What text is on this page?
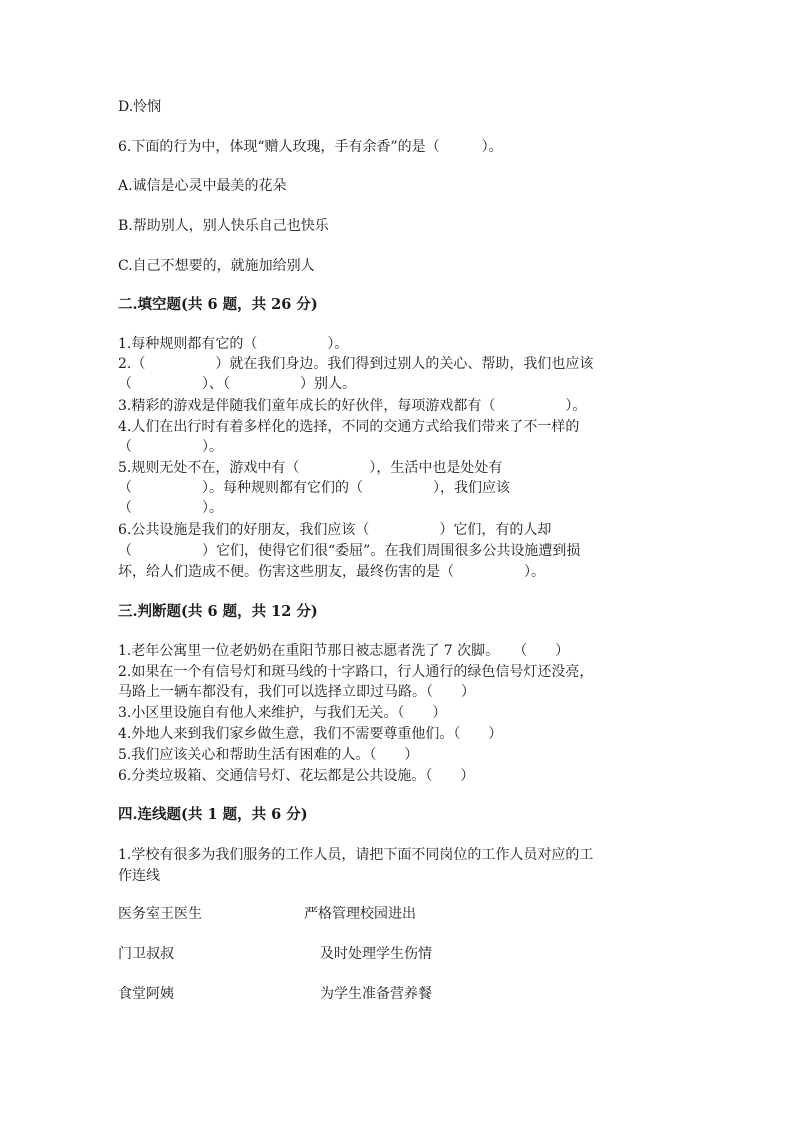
D.怜悯

6.下面的行为中，体现“赠人玫瑰，手有余香”的是（　　　）。

A.诚信是心灵中最美的花朵

B.帮助别人，别人快乐自己也快乐

C.自己不想要的，就施加给别人

二.填空题(共 6 题，共 26 分)

1.每种规则都有它的（　　　　　）。

2.（　　　　　）就在我们身边。我们得到过别人的关心、帮助，我们也应该

（　　　　　）、（　　　　　）别人。

3.精彩的游戏是伴随我们童年成长的好伙伴，每项游戏都有（　　　　　）。

4.人们在出行时有着多样化的选择，不同的交通方式给我们带来了不一样的

（　　　　　）。

5.规则无处不在，游戏中有（　　　　　），生活中也是处处有

（　　　　　）。每种规则都有它们的（　　　　　），我们应该

（　　　　　）。

6.公共设施是我们的好朋友，我们应该（　　　　　）它们，有的人却

（　　　　　）它们，使得它们很“委屈”。在我们周围很多公共设施遭到损

坏，给人们造成不便。伤害这些朋友，最终伤害的是（　　　　　）。

三.判断题(共 6 题，共 12 分)

1.老年公寓里一位老奶奶在重阳节那日被志愿者洗了 7 次脚。　　（　　）

2.如果在一个有信号灯和斑马线的十字路口，行人通行的绿色信号灯还没亮，

马路上一辆车都没有，我们可以选择立即过马路。（　　）

3.小区里设施自有他人来维护，与我们无关。（　　）

4.外地人来到我们家乡做生意，我们不需要尊重他们。（　　）

5.我们应该关心和帮助生活有困难的人。（　　）

6.分类垃圾箱、交通信号灯、花坛都是公共设施。（　　）

四.连线题(共 1 题，共 6 分)

1.学校有很多为我们服务的工作人员，请把下面不同岗位的工作人员对应的工

作连线

医务室王医生	严格管理校园进出
门卫叔叔	及时处理学生伤情
食堂阿姨	为学生准备营养餐
